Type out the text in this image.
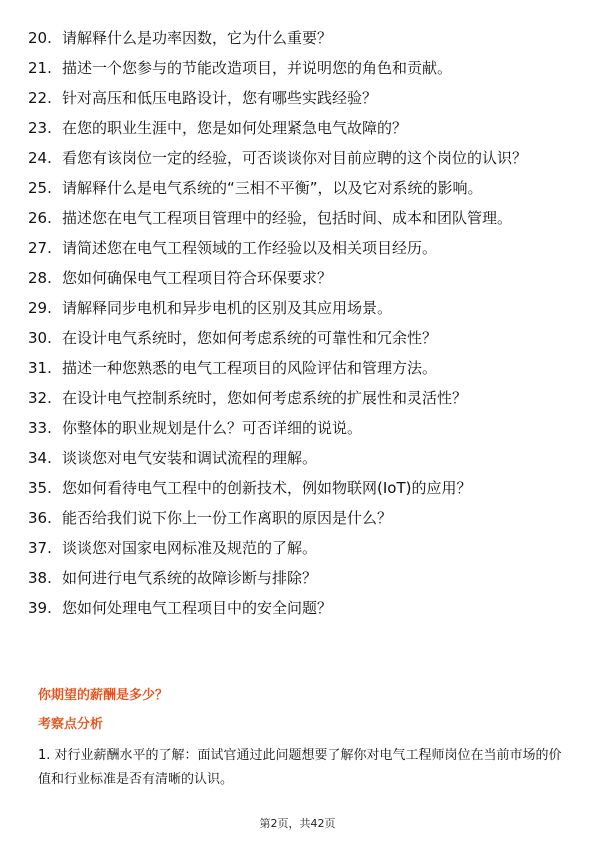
20. 请解释什么是功率因数，它为什么重要？
21. 描述一个您参与的节能改造项目，并说明您的角色和贡献。
22. 针对高压和低压电路设计，您有哪些实践经验？
23. 在您的职业生涯中，您是如何处理紧急电气故障的？
24. 看您有该岗位一定的经验，可否谈谈你对目前应聘的这个岗位的认识？
25. 请解释什么是电气系统的“三相不平衡”，以及它对系统的影响。
26. 描述您在电气工程项目管理中的经验，包括时间、成本和团队管理。
27. 请简述您在电气工程领域的工作经验以及相关项目经历。
28. 您如何确保电气工程项目符合环保要求？
29. 请解释同步电机和异步电机的区别及其应用场景。
30. 在设计电气系统时，您如何考虑系统的可靠性和冗余性？
31. 描述一种您熟悉的电气工程项目的风险评估和管理方法。
32. 在设计电气控制系统时，您如何考虑系统的扩展性和灵活性？
33. 你整体的职业规划是什么？可否详细的说说。
34. 谈谈您对电气安装和调试流程的理解。
35. 您如何看待电气工程中的创新技术，例如物联网(IoT)的应用？
36. 能否给我们说下你上一份工作离职的原因是什么？
37. 谈谈您对国家电网标准及规范的了解。
38. 如何进行电气系统的故障诊断与排除？
39. 您如何处理电气工程项目中的安全问题？
你期望的薪酬是多少？
考察点分析
1. 对行业薪酬水平的了解：面试官通过此问题想要了解你对电气工程师岗位在当前市场的价值和行业标准是否有清晰的认识。
第2页，共42页
